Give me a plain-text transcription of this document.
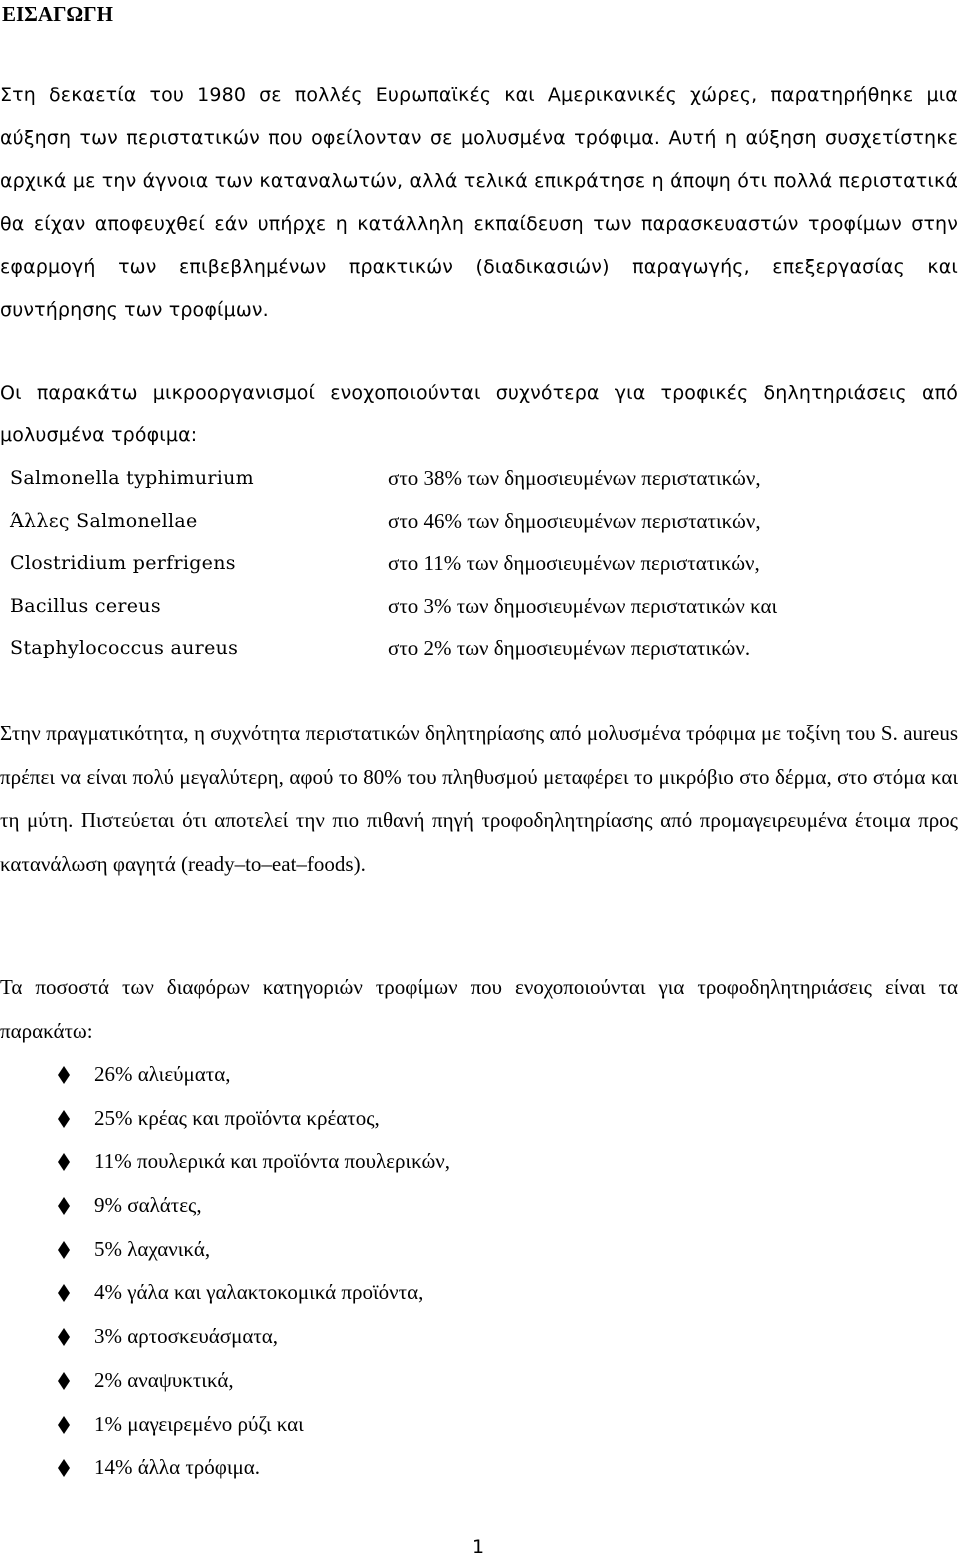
ΕΙΣΑΓΩΓΗ

Στη δεκαετία του 1980 σε πολλές Ευρωπαϊκές και Αμερικανικές χώρες, παρατηρήθηκε μια αύξηση των περιστατικών που οφείλονταν σε μολυσμένα τρόφιμα. Αυτή η αύξηση συσχετίστηκε αρχικά με την άγνοια των καταναλωτών, αλλά τελικά επικράτησε η άποψη ότι πολλά περιστατικά θα είχαν αποφευχθεί εάν υπήρχε η κατάλληλη εκπαίδευση των παρασκευαστών τροφίμων στην εφαρμογή των επιβεβλημένων πρακτικών (διαδικασιών) παραγωγής, επεξεργασίας και συντήρησης των τροφίμων.

Οι παρακάτω μικροοργανισμοί ενοχοποιούνται συχνότερα για τροφικές δηλητηριάσεις από μολυσμένα τρόφιμα:

Salmonella typhimurium	στο 38% των δημοσιευμένων περιστατικών,
Άλλες Salmonellae	στο 46% των δημοσιευμένων περιστατικών,
Clostridium perfrigens	στο 11% των δημοσιευμένων περιστατικών,
Bacillus cereus	στο 3% των δημοσιευμένων περιστατικών και
Staphylococcus aureus	στο 2% των δημοσιευμένων περιστατικών.

Στην πραγματικότητα, η συχνότητα περιστατικών δηλητηρίασης από μολυσμένα τρόφιμα με τοξίνη του S. aureus πρέπει να είναι πολύ μεγαλύτερη, αφού το 80% του πληθυσμού μεταφέρει το μικρόβιο στο δέρμα, στο στόμα και τη μύτη. Πιστεύεται ότι αποτελεί την πιο πιθανή πηγή τροφοδηλητηρίασης από προμαγειρευμένα έτοιμα προς κατανάλωση φαγητά (ready–to–eat–foods).

Τα ποσοστά των διαφόρων κατηγοριών τροφίμων που ενοχοποιούνται για τροφοδηλητηριάσεις είναι τα παρακάτω:

26% αλιεύματα,
25% κρέας και προϊόντα κρέατος,
11% πουλερικά και προϊόντα πουλερικών,
9% σαλάτες,
5% λαχανικά,
4% γάλα και γαλακτοκομικά προϊόντα,
3% αρτοσκευάσματα,
2% αναψυκτικά,
1% μαγειρεμένο ρύζι και
14% άλλα τρόφιμα.
1
